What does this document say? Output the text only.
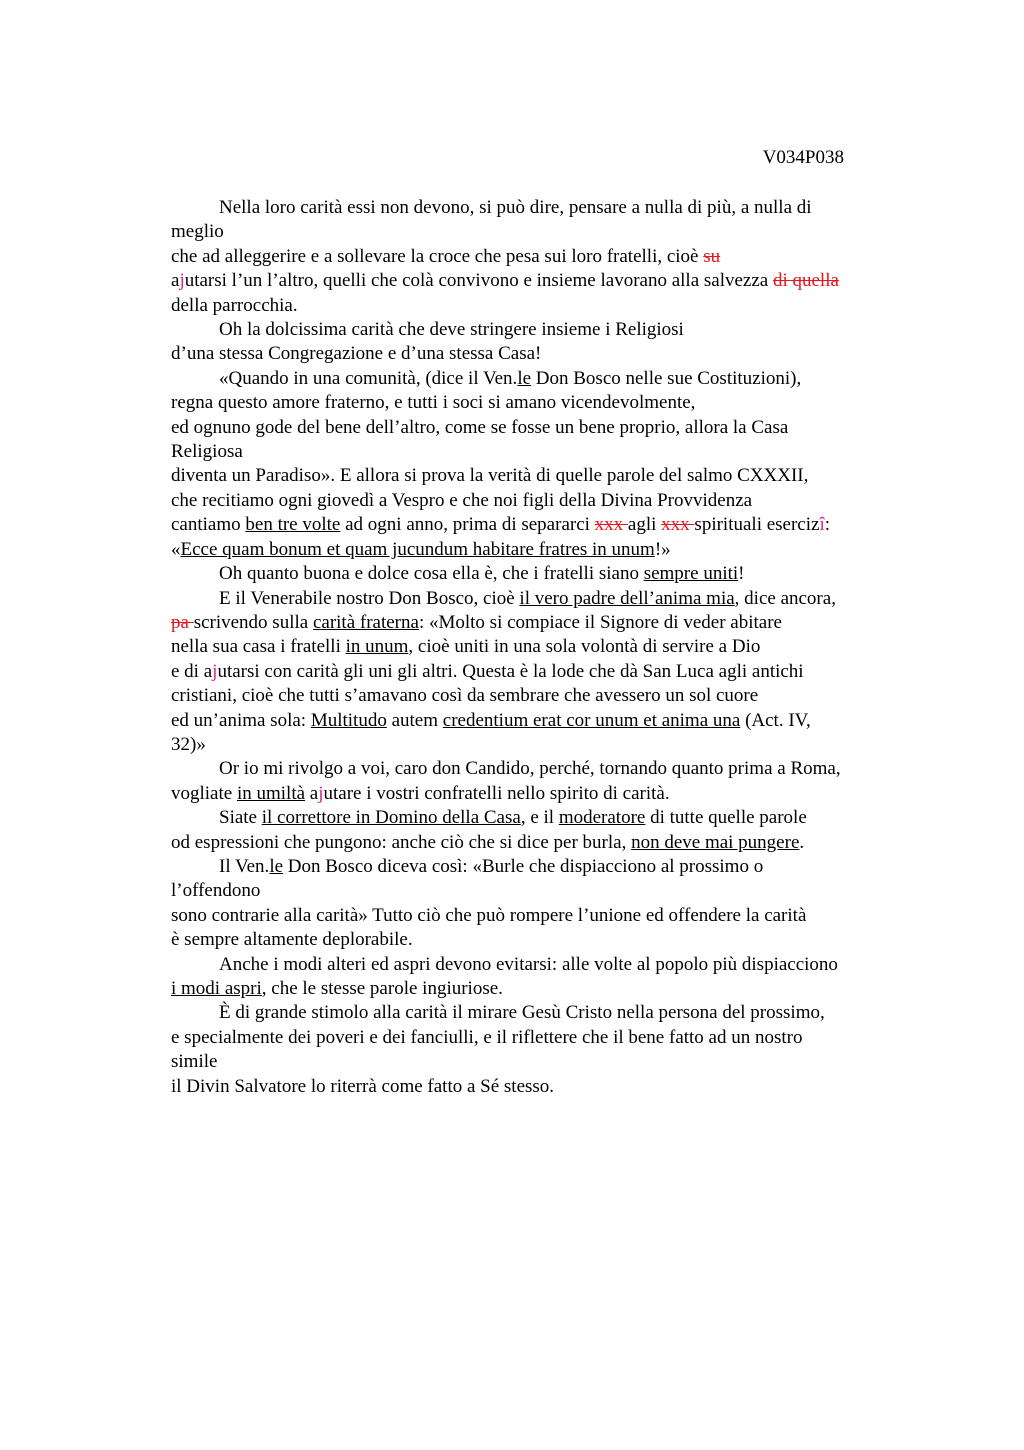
V034P038
Nella loro carità essi non devono, si può dire, pensare a nulla di più, a nulla di
meglio
che ad alleggerire e a sollevare la croce che pesa sui loro fratelli, cioè su
ajutarsi l’un l’altro, quelli che colà convivono e insieme lavorano alla salvezza di quella
della parrocchia.
Oh la dolcissima carità che deve stringere insieme i Religiosi
d’una stessa Congregazione e d’una stessa Casa!
«Quando in una comunità, (dice il Ven.le Don Bosco nelle sue Costituzioni),
regna questo amore fraterno, e tutti i soci si amano vicendevolmente,
ed ognuno gode del bene dell’altro, come se fosse un bene proprio, allora la Casa
Religiosa
diventa un Paradiso». E allora si prova la verità di quelle parole del salmo CXXXII,
che recitiamo ogni giovedì a Vespro e che noi figli della Divina Provvidenza
cantiamo ben tre volte ad ogni anno, prima di separarci xxx agli xxx spirituali esercizî:
«Ecce quam bonum et quam jucundum habitare fratres in unum!»
Oh quanto buona e dolce cosa ella è, che i fratelli siano sempre uniti!
E il Venerabile nostro Don Bosco, cioè il vero padre dell’anima mia, dice ancora,
pa scrivendo sulla carità fraterna: «Molto si compiace il Signore di veder abitare
nella sua casa i fratelli in unum, cioè uniti in una sola volontà di servire a Dio
e di ajutarsi con carità gli uni gli altri. Questa è la lode che dà San Luca agli antichi
cristiani, cioè che tutti s’amavano così da sembrare che avessero un sol cuore
ed un’anima sola: Multitudo autem credentium erat cor unum et anima una (Act. IV,
32)»
Or io mi rivolgo a voi, caro don Candido, perché, tornando quanto prima a Roma,
vogliate in umiltà ajutare i vostri confratelli nello spirito di carità.
Siate il correttore in Domino della Casa, e il moderatore di tutte quelle parole
od espressioni che pungono: anche ciò che si dice per burla, non deve mai pungere.
Il Ven.le Don Bosco diceva così: «Burle che dispiacciono al prossimo o
l’offendono
sono contrarie alla carità» Tutto ciò che può rompere l’unione ed offendere la carità
è sempre altamente deplorabile.
Anche i modi alteri ed aspri devono evitarsi: alle volte al popolo più dispiacciono
i modi aspri, che le stesse parole ingiuriose.
È di grande stimolo alla carità il mirare Gesù Cristo nella persona del prossimo,
e specialmente dei poveri e dei fanciulli, e il riflettere che il bene fatto ad un nostro
simile
il Divin Salvatore lo riterrà come fatto a Sé stesso.
